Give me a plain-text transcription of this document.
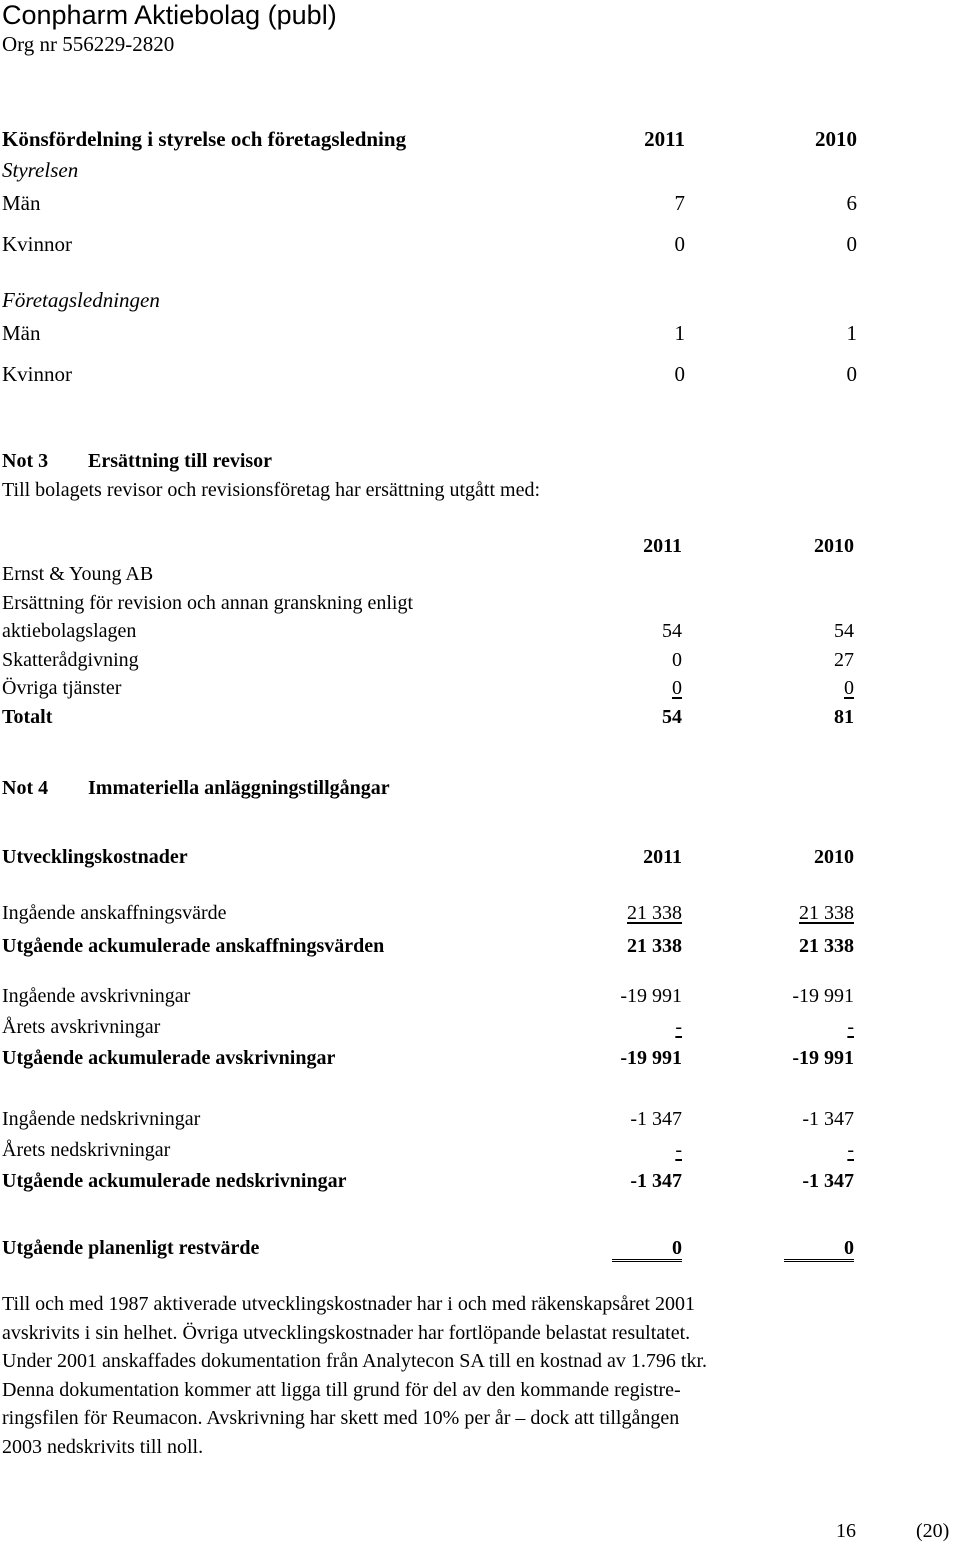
Conpharm Aktiebolag (publ)
Org nr 556229-2820
Könsfördelning i styrelse och företagsledning	2011	2010
Styrelsen
Män	7	6
Kvinnor	0	0
Företagsledningen
Män	1	1
Kvinnor	0	0
Not 3 Ersättning till revisor
Till bolagets revisor och revisionsföretag har ersättning utgått med:
2011	2010
Ernst & Young AB
Ersättning för revision och annan granskning enligt
aktiebolagslagen	54	54
Skatterådgivning	0	27
Övriga tjänster	0	0
Totalt	54	81
Not 4 Immateriella anläggningstillgångar
Utvecklingskostnader	2011	2010
Ingående anskaffningsvärde	21 338	21 338
Utgående ackumulerade anskaffningsvärden	21 338	21 338
Ingående avskrivningar	-19 991	-19 991
Årets avskrivningar	-	-
Utgående ackumulerade avskrivningar	-19 991	-19 991
Ingående nedskrivningar	-1 347	-1 347
Årets nedskrivningar	-	-
Utgående ackumulerade nedskrivningar	-1 347	-1 347
Utgående planenligt restvärde	0	0
Till och med 1987 aktiverade utvecklingskostnader har i och med räkenskapsåret 2001
avskrivits i sin helhet. Övriga utvecklingskostnader har fortlöpande belastat resultatet.
Under 2001 anskaffades dokumentation från Analytecon SA till en kostnad av 1.796 tkr.
Denna dokumentation kommer att ligga till grund för del av den kommande registre-
ringsfilen för Reumacon. Avskrivning har skett med 10% per år – dock att tillgången
2003 nedskrivits till noll.
16	(20)
